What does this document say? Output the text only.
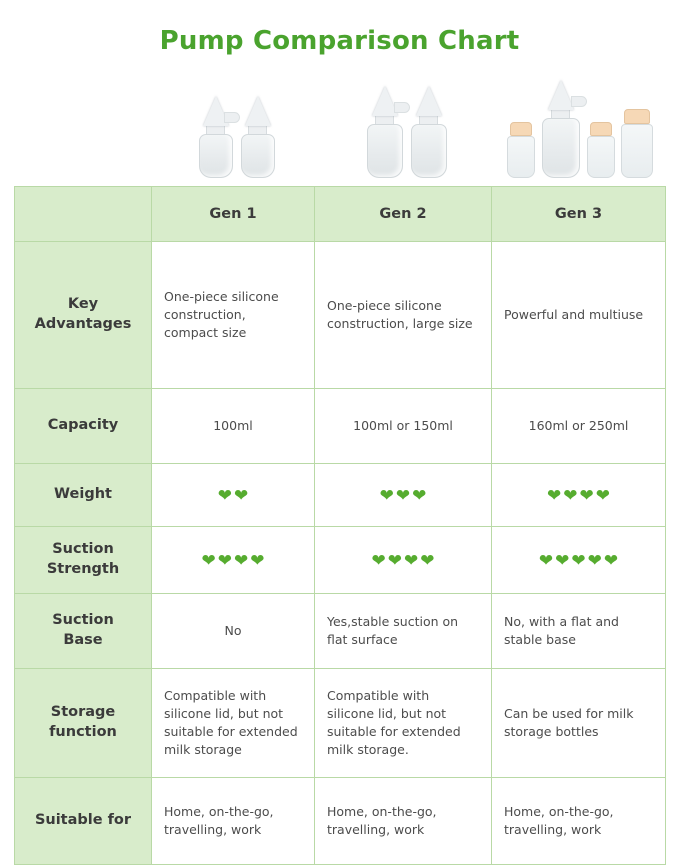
Pump Comparison Chart
	Gen 1	Gen 2	Gen 3

Key
Advantages	One-piece silicone construction, compact size	One-piece silicone construction, large size	Powerful and multiuse
Capacity	100ml	100ml or 150ml	160ml or 250ml
Weight	❤ ❤	❤ ❤ ❤	❤ ❤ ❤ ❤

Suction
Strength	❤ ❤ ❤ ❤	❤ ❤ ❤ ❤	❤ ❤ ❤ ❤ ❤

Suction
Base	No	Yes,stable suction on flat surface	No, with a flat and stable base

Storage
function	Compatible with silicone lid, but not suitable for extended milk storage	Compatible with silicone lid, but not suitable for extended milk storage.	Can be used for milk storage bottles
Suitable for	Home, on-the-go, travelling, work	Home, on-the-go, travelling, work	Home, on-the-go, travelling, work
